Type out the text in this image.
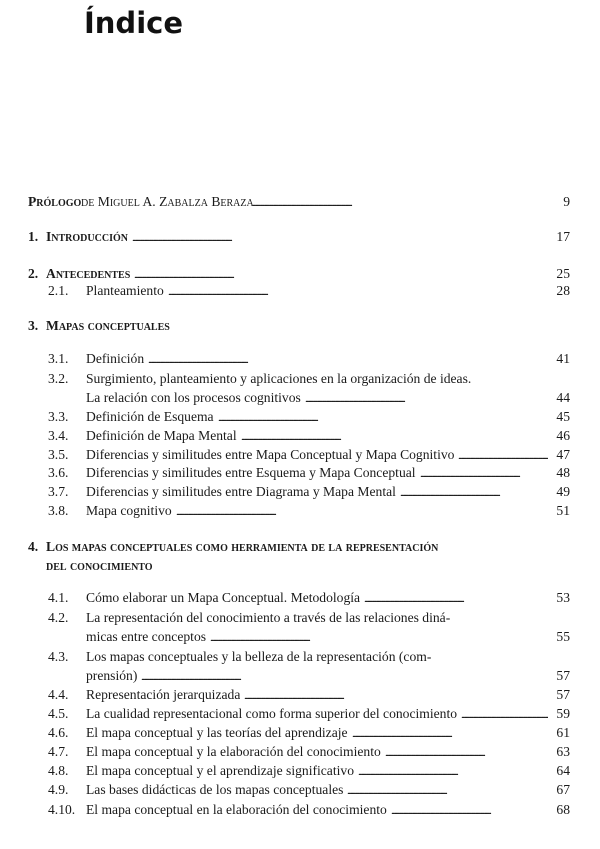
Índice
Prólogo de Miguel A. Zabalza Beraza . . .	9
1. Introducción . . .	17
2. Antecedentes . . .	25
2.1. Planteamiento . . .	28
3. Mapas conceptuales
3.1. Definición . . .	41
3.2. Surgimiento, planteamiento y aplicaciones en la organización de ideas.
La relación con los procesos cognitivos . . .	44
3.3. Definición de Esquema . . .	45
3.4. Definición de Mapa Mental . . .	46
3.5. Diferencias y similitudes entre Mapa Conceptual y Mapa Cognitivo . . .	47
3.6. Diferencias y similitudes entre Esquema y Mapa Conceptual . . .	48
3.7. Diferencias y similitudes entre Diagrama y Mapa Mental . . .	49
3.8. Mapa cognitivo . . .	51
4. Los mapas conceptuales como herramienta de la representación
del conocimiento
4.1. Cómo elaborar un Mapa Conceptual. Metodología . . .	53
4.2. La representación del conocimiento a través de las relaciones diná-
micas entre conceptos . . .	55
4.3. Los mapas conceptuales y la belleza de la representación (com-
prensión) . . .	57
4.4. Representación jerarquizada . . .	57
4.5. La cualidad representacional como forma superior del conocimiento . . .	59
4.6. El mapa conceptual y las teorías del aprendizaje . . .	61
4.7. El mapa conceptual y la elaboración del conocimiento . . .	63
4.8. El mapa conceptual y el aprendizaje significativo . . .	64
4.9. Las bases didácticas de los mapas conceptuales . . .	67
4.10. El mapa conceptual en la elaboración del conocimiento . . .	68
